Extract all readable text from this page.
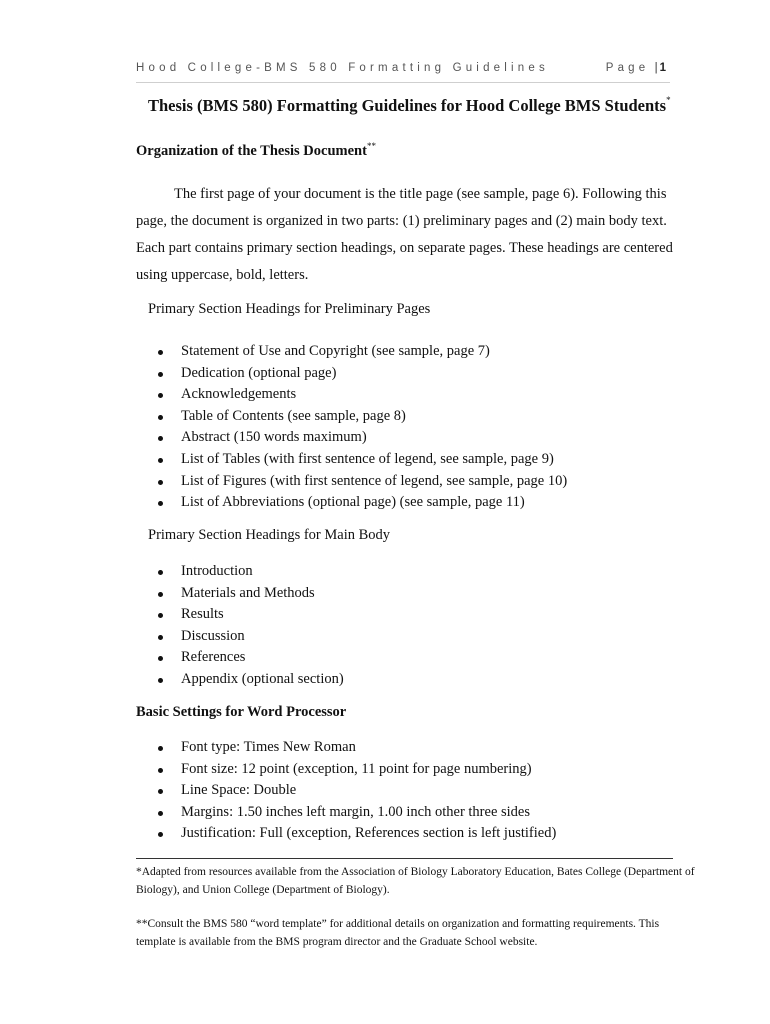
Hood College-BMS 580 Formatting Guidelines	Page | 1
Thesis (BMS 580) Formatting Guidelines for Hood College BMS Students*
Organization of the Thesis Document**

The first page of your document is the title page (see sample, page 6). Following this page, the document is organized in two parts: (1) preliminary pages and (2) main body text. Each part contains primary section headings, on separate pages. These headings are centered using uppercase, bold, letters.

Primary Section Headings for Preliminary Pages
Statement of Use and Copyright (see sample, page 7)
Dedication (optional page)
Acknowledgements
Table of Contents (see sample, page 8)
Abstract (150 words maximum)
List of Tables (with first sentence of legend, see sample, page 9)
List of Figures (with first sentence of legend, see sample, page 10)
List of Abbreviations (optional page) (see sample, page 11)
Primary Section Headings for Main Body
Introduction
Materials and Methods
Results
Discussion
References
Appendix (optional section)
Basic Settings for Word Processor
Font type: Times New Roman
Font size: 12 point (exception, 11 point for page numbering)
Line Space: Double
Margins: 1.50 inches left margin, 1.00 inch other three sides
Justification: Full (exception, References section is left justified)

*Adapted from resources available from the Association of Biology Laboratory Education, Bates College (Department of Biology), and Union College (Department of Biology).

**Consult the BMS 580 “word template” for additional details on organization and formatting requirements. This template is available from the BMS program director and the Graduate School website.
